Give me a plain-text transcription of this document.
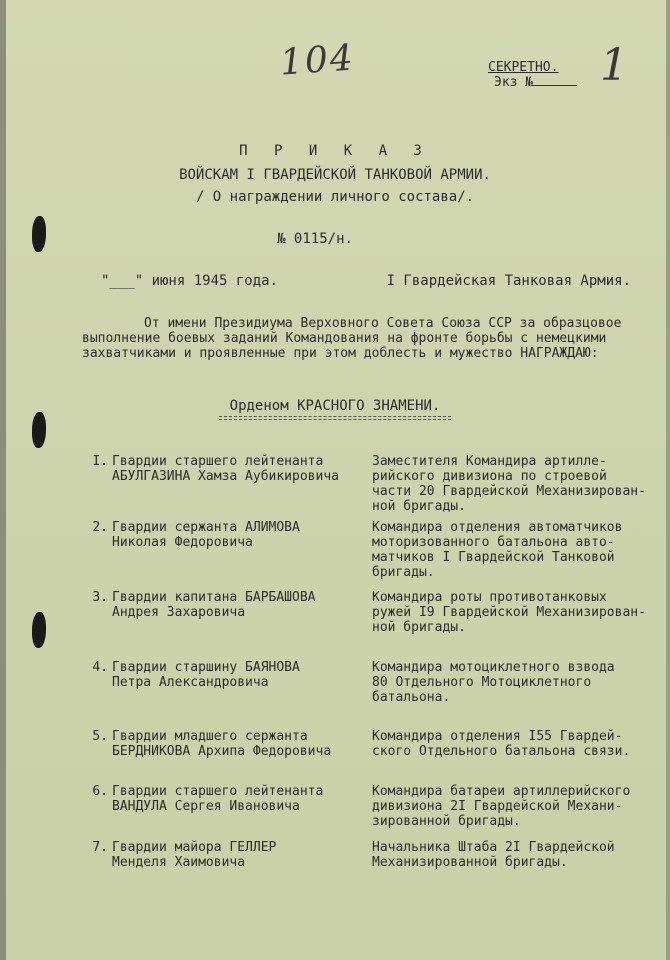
104	1
СЕКРЕТНО.
Экз №
П Р И К А З
ВОЙСКАМ I ГВАРДЕЙСКОЙ ТАНКОВОЙ АРМИИ.
/ О награждении личного состава/.
№ 0115/н.
"___" июня 1945 года.	I Гвардейская Танковая Армия.

От имени Президиума Верховного Совета Союза ССР за образцовое

выполнение боевых заданий Командования на фронте борьбы с немецкими

захватчиками и проявленные при этом доблесть и мужество НАГРАЖДАЮ:

Орденом КРАСНОГО ЗНАМЕНИ.
I. Гвардии старшего лейтенанта
АБУЛГАЗИНА Хамза Аубикировича
Заместителя Командира артилле-
рийского дивизиона по строевой
части 20 Гвардейской Механизирован-
ной бригады.
2. Гвардии сержанта АЛИМОВА
Николая Федоровича
Командира отделения автоматчиков
моторизованного батальона авто-
матчиков I Гвардейской Танковой
бригады.
3. Гвардии капитана БАРБАШОВА
Андрея Захаровича
Командира роты противотанковых
ружей I9 Гвардейской Механизирован-
ной бригады.
4. Гвардии старшину БАЯНОВА
Петра Александровича
Командира мотоциклетного взвода
80 Отдельного Мотоциклетного
батальона.
5. Гвардии младшего сержанта
БЕРДНИКОВА Архипа Федоровича
Командира отделения I55 Гвардей-
ского Отдельного батальона связи.
6. Гвардии старшего лейтенанта
ВАНДУЛА Сергея Ивановича
Командира батареи артиллерийского
дивизиона 2I Гвардейской Механи-
зированной бригады.
7. Гвардии майора ГЕЛЛЕР
Менделя Хаимовича
Начальника Штаба 2I Гвардейской
Механизированной бригады.
